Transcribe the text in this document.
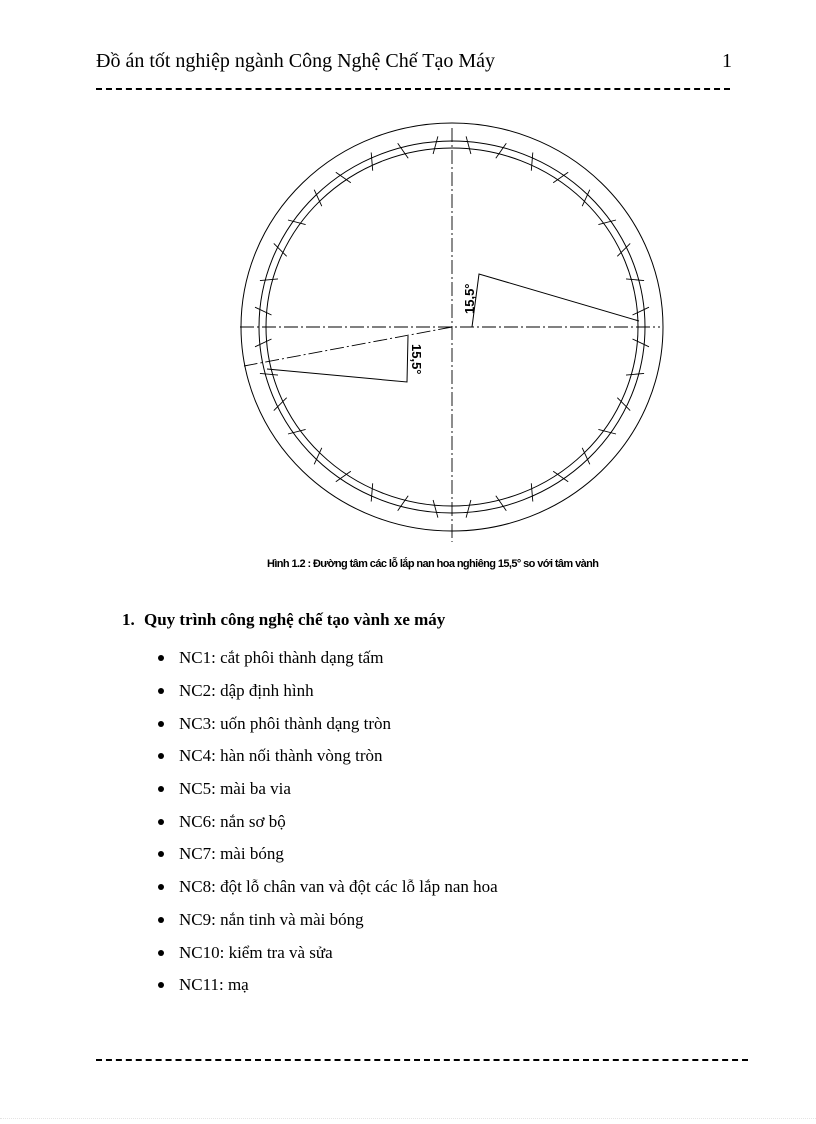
Đồ án tốt nghiệp ngành Công Nghệ Chế Tạo Máy	1
15,5°
15,5°
Hình 1.2 : Đường tâm các lỗ lắp nan hoa nghiêng 15,5° so với tâm vành
1. Quy trình công nghệ chế tạo vành xe máy
NC1: cắt phôi thành dạng tấm
NC2: dập định hình
NC3: uốn phôi thành dạng tròn
NC4: hàn nối thành vòng tròn
NC5: mài ba via
NC6: nắn sơ bộ
NC7: mài bóng
NC8: đột lỗ chân van và đột các lỗ lắp nan hoa
NC9: nắn tinh và mài bóng
NC10: kiểm tra và sửa
NC11: mạ
